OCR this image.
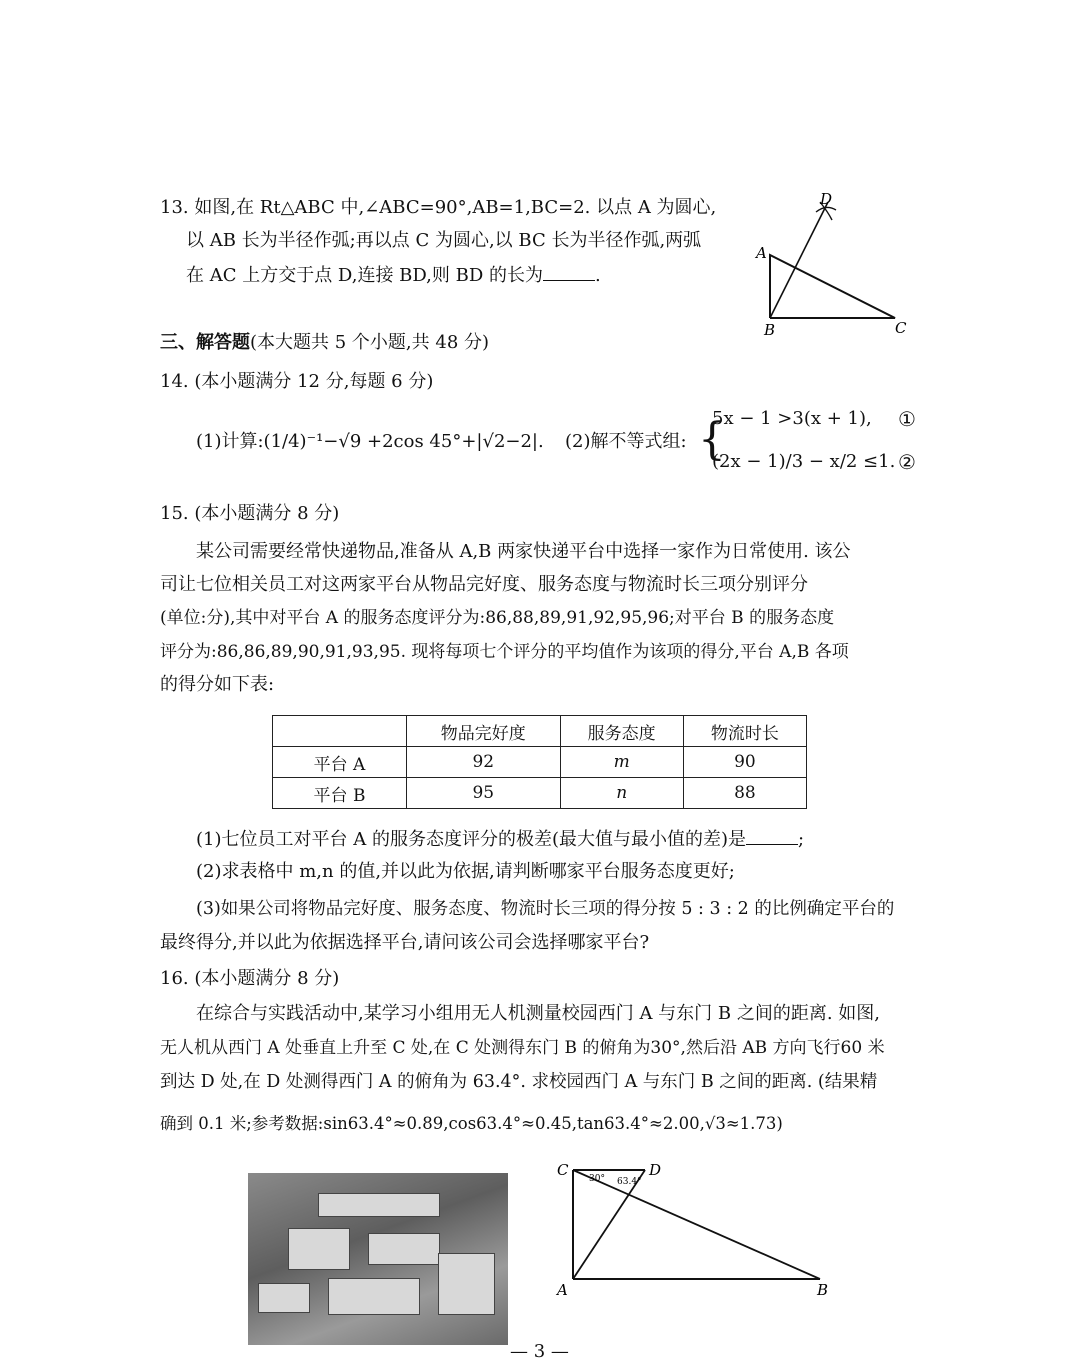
13. 如图,在 Rt△ABC 中,∠ABC=90°,AB=1,BC=2. 以点 A 为圆心,
以 AB 长为半径作弧;再以点 C 为圆心,以 BC 长为半径作弧,两弧
在 AC 上方交于点 D,连接 BD,则 BD 的长为	.
D
A
B	C
三、解答题(本大题共 5 个小题,共 48 分)
14. (本小题满分 12 分,每题 6 分)
(1)计算:(1/4)⁻¹−√9 +2cos 45°+|√2−2|. (2)解不等式组: {
5x − 1 >3(x + 1), ①
(2x − 1)/3 − x/2 ≤1. ②
15. (本小题满分 8 分)
某公司需要经常快递物品,准备从 A,B 两家快递平台中选择一家作为日常使用. 该公
司让七位相关员工对这两家平台从物品完好度、服务态度与物流时长三项分别评分
(单位:分),其中对平台 A 的服务态度评分为:86,88,89,91,92,95,96;对平台 B 的服务态度
评分为:86,86,89,90,91,93,95. 现将每项七个评分的平均值作为该项的得分,平台 A,B 各项
的得分如下表:
	物品完好度	服务态度	物流时长
平台 A	92	m	90
平台 B	95	n	88
(1)七位员工对平台 A 的服务态度评分的极差(最大值与最小值的差)是	;
(2)求表格中 m,n 的值,并以此为依据,请判断哪家平台服务态度更好;
(3)如果公司将物品完好度、服务态度、物流时长三项的得分按 5 : 3 : 2 的比例确定平台的
最终得分,并以此为依据选择平台,请问该公司会选择哪家平台?
16. (本小题满分 8 分)
在综合与实践活动中,某学习小组用无人机测量校园西门 A 与东门 B 之间的距离. 如图,
无人机从西门 A 处垂直上升至 C 处,在 C 处测得东门 B 的俯角为30°,然后沿 AB 方向飞行60 米
到达 D 处,在 D 处测得西门 A 的俯角为 63.4°. 求校园西门 A 与东门 B 之间的距离. (结果精
确到 0.1 米;参考数据:sin63.4°≈0.89,cos63.4°≈0.45,tan63.4°≈2.00,√3≈1.73)
C	D
A	B
30° 63.4°
— 3 —
